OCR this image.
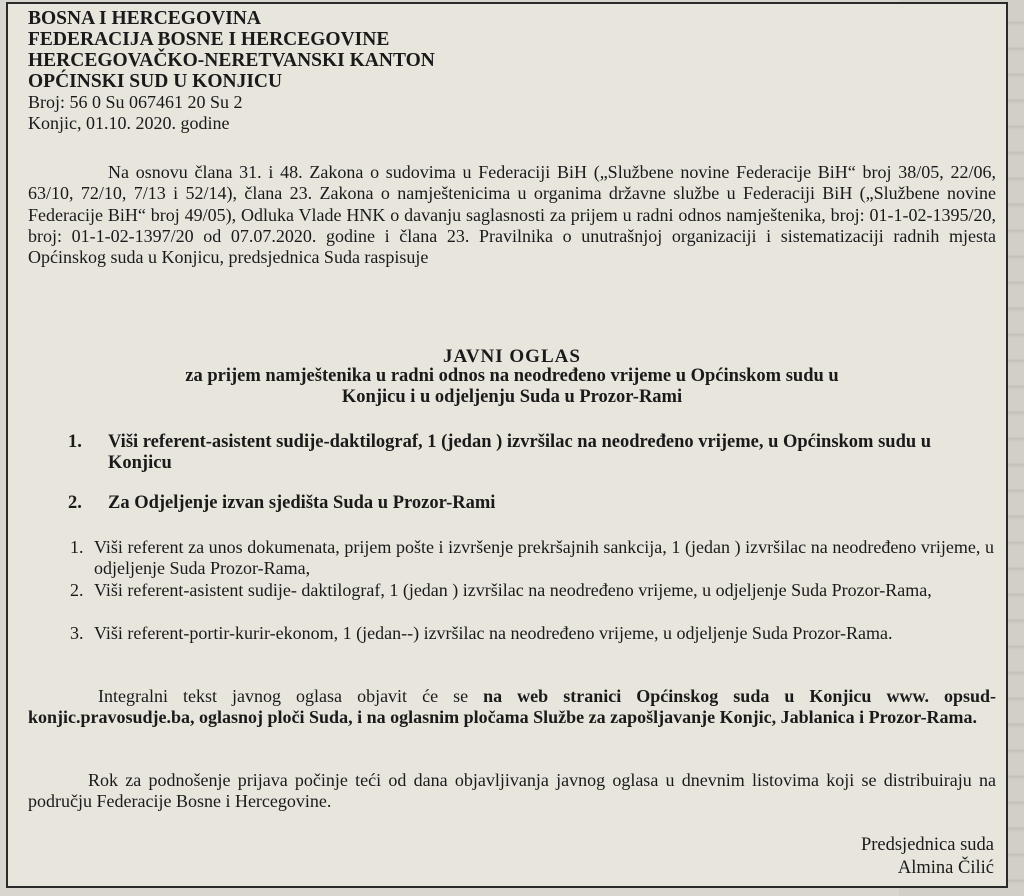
BOSNA I HERCEGOVINA
FEDERACIJA BOSNE I HERCEGOVINE
HERCEGOVAČKO-NERETVANSKI KANTON
OPĆINSKI SUD U KONJICU
Broj: 56 0 Su 067461 20 Su 2
Konjic, 01.10. 2020. godine
Na osnovu člana 31. i 48. Zakona o sudovima u Federaciji BiH („Službene novine Federacije BiH“ broj 38/05, 22/06, 63/10, 72/10, 7/13 i 52/14), člana 23. Zakona o namještenicima u organima državne službe u Federaciji BiH („Službene novine Federacije BiH“ broj 49/05), Odluka Vlade HNK o davanju saglasnosti za prijem u radni odnos namještenika, broj: 01-1-02-1395/20, broj: 01-1-02-1397/20 od 07.07.2020. godine i člana 23. Pravilnika o unutrašnjoj organizaciji i sistematizaciji radnih mjesta Općinskog suda u Konjicu, predsjednica Suda raspisuje
JAVNI OGLAS
za prijem namještenika u radni odnos na neodređeno vrijeme u Općinskom sudu u
Konjicu i u odjeljenju Suda u Prozor-Rami
1. Viši referent-asistent sudije-daktilograf, 1 (jedan ) izvršilac na neodređeno vrijeme, u Općinskom sudu u Konjicu
2. Za Odjeljenje izvan sjedišta Suda u Prozor-Rami
1. Viši referent za unos dokumenata, prijem pošte i izvršenje prekršajnih sankcija, 1 (jedan ) izvršilac na neodređeno vrijeme, u odjeljenje Suda Prozor-Rama,
2. Viši referent-asistent sudije- daktilograf, 1 (jedan ) izvršilac na neodređeno vrijeme, u odjeljenje Suda Prozor-Rama,
3. Viši referent-portir-kurir-ekonom, 1 (jedan‑‑) izvršilac na neodređeno vrijeme, u odjeljenje Suda Prozor-Rama.
Integralni tekst javnog oglasa objavit će se na web stranici Općinskog suda u Konjicu www. opsud-konjic.pravosudje.ba, oglasnoj ploči Suda, i na oglasnim pločama Službe za zapošljavanje Konjic, Jablanica i Prozor-Rama.
Rok za podnošenje prijava počinje teći od dana objavljivanja javnog oglasa u dnevnim listovima koji se distribuiraju na području Federacije Bosne i Hercegovine.
Predsjednica suda
Almina Čilić
